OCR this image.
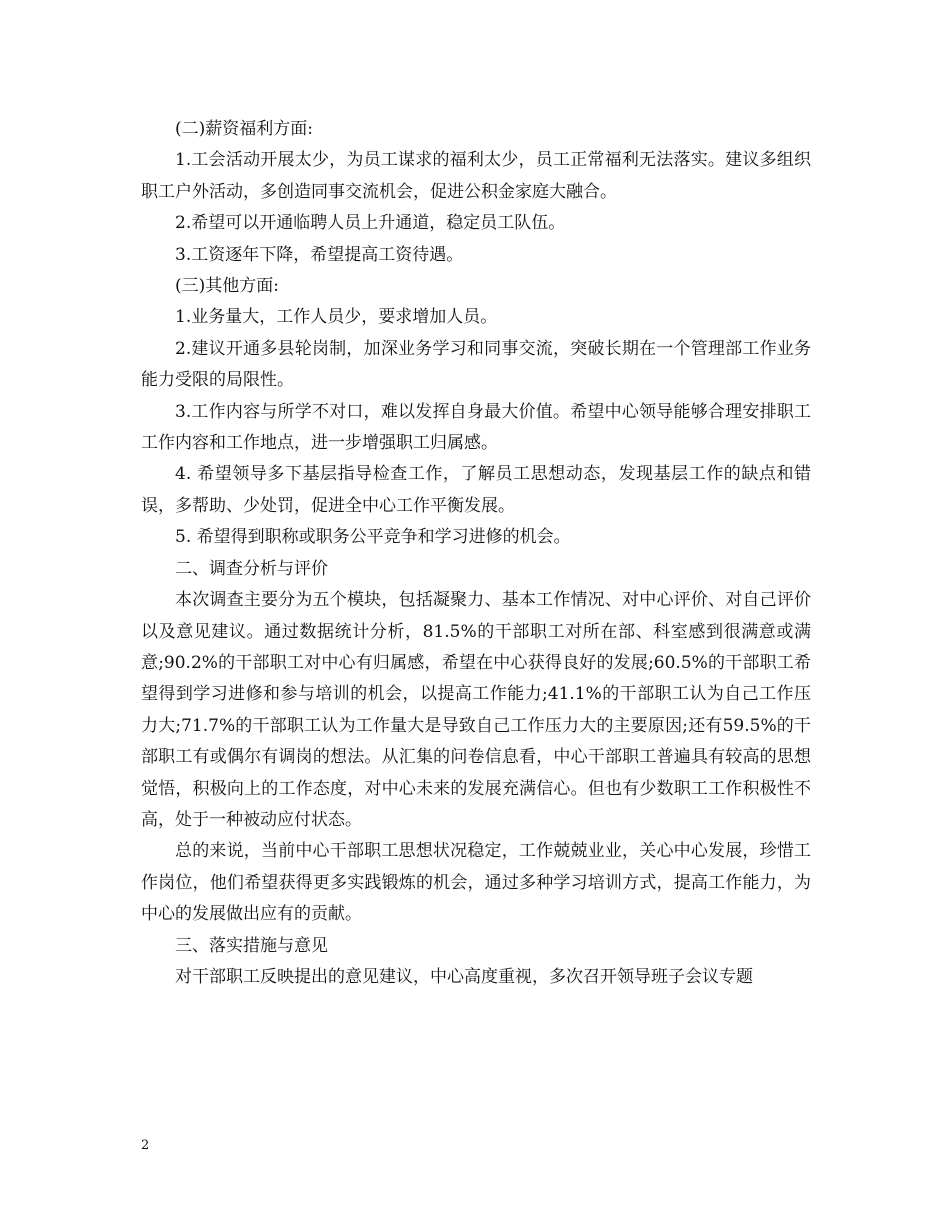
(二)薪资福利方面:

1.工会活动开展太少，为员工谋求的福利太少，员工正常福利无法落实。建议多组织职工户外活动，多创造同事交流机会，促进公积金家庭大融合。

2.希望可以开通临聘人员上升通道，稳定员工队伍。

3.工资逐年下降，希望提高工资待遇。

(三)其他方面:

1.业务量大，工作人员少，要求增加人员。

2.建议开通多县轮岗制，加深业务学习和同事交流，突破长期在一个管理部工作业务能力受限的局限性。

3.工作内容与所学不对口，难以发挥自身最大价值。希望中心领导能够合理安排职工工作内容和工作地点，进一步增强职工归属感。

4. 希望领导多下基层指导检查工作，了解员工思想动态，发现基层工作的缺点和错误，多帮助、少处罚，促进全中心工作平衡发展。

5. 希望得到职称或职务公平竞争和学习进修的机会。

二、调查分析与评价

本次调查主要分为五个模块，包括凝聚力、基本工作情况、对中心评价、对自己评价以及意见建议。通过数据统计分析，81.5%的干部职工对所在部、科室感到很满意或满意;90.2%的干部职工对中心有归属感，希望在中心获得良好的发展;60.5%的干部职工希望得到学习进修和参与培训的机会，以提高工作能力;41.1%的干部职工认为自己工作压力大;71.7%的干部职工认为工作量大是导致自己工作压力大的主要原因;还有59.5%的干部职工有或偶尔有调岗的想法。从汇集的问卷信息看，中心干部职工普遍具有较高的思想觉悟，积极向上的工作态度，对中心未来的发展充满信心。但也有少数职工工作积极性不高，处于一种被动应付状态。

总的来说，当前中心干部职工思想状况稳定，工作兢兢业业，关心中心发展，珍惜工作岗位，他们希望获得更多实践锻炼的机会，通过多种学习培训方式，提高工作能力，为中心的发展做出应有的贡献。

三、落实措施与意见

对干部职工反映提出的意见建议，中心高度重视，多次召开领导班子会议专题

2
